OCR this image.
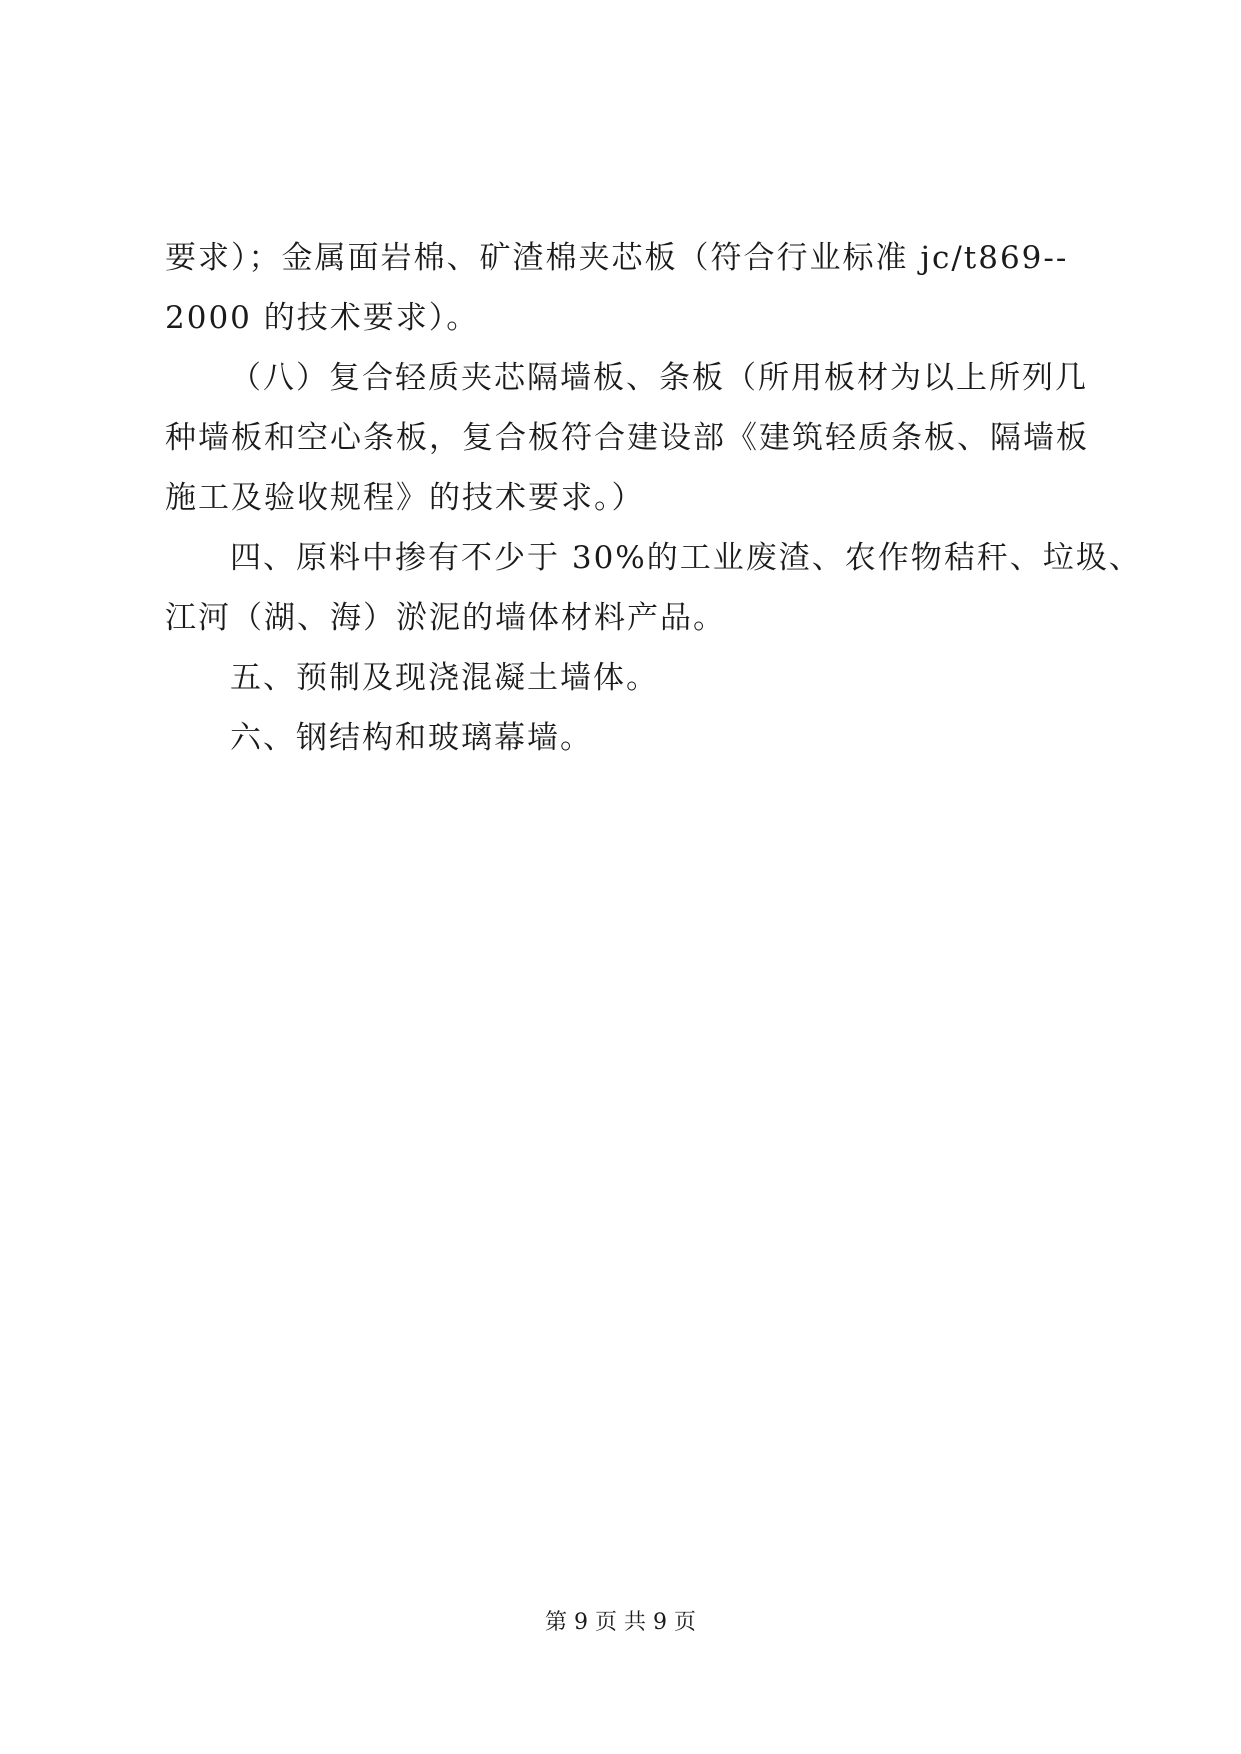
要求）；金属面岩棉、矿渣棉夹芯板（符合行业标准 jc/t869--

2000 的技术要求）。

（八）复合轻质夹芯隔墙板、条板（所用板材为以上所列几

种墙板和空心条板，复合板符合建设部《建筑轻质条板、隔墙板

施工及验收规程》的技术要求。）

四、原料中掺有不少于 30%的工业废渣、农作物秸秆、垃圾、

江河（湖、海）淤泥的墙体材料产品。

五、预制及现浇混凝土墙体。

六、钢结构和玻璃幕墙。

第 9 页 共 9 页
